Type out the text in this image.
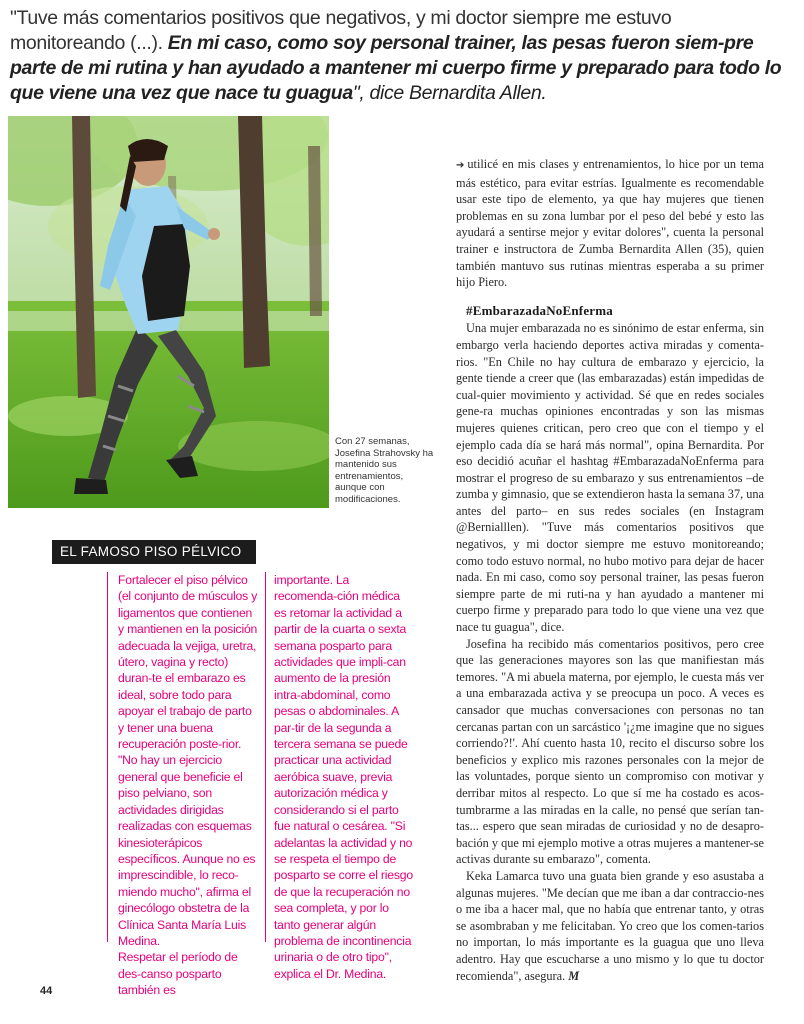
"Tuve más comentarios positivos que negativos, y mi doctor siempre me estuvo monitoreando (...). En mi caso, como soy personal trainer, las pesas fueron siem-pre parte de mi rutina y han ayudado a mantener mi cuerpo firme y preparado para todo lo que viene una vez que nace tu guagua", dice Bernardita Allen.
Con 27 semanas, Josefina Strahovsky ha mantenido sus entrenamientos, aunque con modificaciones.
EL FAMOSO PISO PÉLVICO
Fortalecer el piso pélvico (el conjunto de músculos y ligamentos que contienen y mantienen en la posición adecuada la vejiga, uretra, útero, vagina y recto) duran-te el embarazo es ideal, sobre todo para apoyar el trabajo de parto y tener una buena recuperación poste-rior. "No hay un ejercicio general que beneficie el piso pelviano, son actividades dirigidas realizadas con esquemas kinesioterápicos específicos. Aunque no es imprescindible, lo reco-miendo mucho", afirma el ginecólogo obstetra de la Clínica Santa María Luis Medina.
Respetar el período de des-canso posparto también es
importante. La recomenda-ción médica es retomar la actividad a partir de la cuarta o sexta semana posparto para actividades que impli-can aumento de la presión intra-abdominal, como pesas o abdominales. A par-tir de la segunda a tercera semana se puede practicar una actividad aeróbica suave, previa autorización médica y considerando si el parto fue natural o cesárea. "Si adelantas la actividad y no se respeta el tiempo de posparto se corre el riesgo de que la recuperación no sea completa, y por lo tanto generar algún problema de incontinencia urinaria o de otro tipo", explica el Dr. Medina.

➔ utilicé en mis clases y entrenamientos, lo hice por un tema más estético, para evitar estrías. Igualmente es recomendable usar este tipo de elemento, ya que hay mujeres que tienen problemas en su zona lumbar por el peso del bebé y esto las ayudará a sentirse mejor y evitar dolores", cuenta la personal trainer e instructora de Zumba Bernardita Allen (35), quien también mantuvo sus rutinas mientras esperaba a su primer hijo Piero.

#EmbarazadaNoEnferma

Una mujer embarazada no es sinónimo de estar enferma, sin embargo verla haciendo deportes activa miradas y comenta-rios. "En Chile no hay cultura de embarazo y ejercicio, la gente tiende a creer que (las embarazadas) están impedidas de cual-quier movimiento y actividad. Sé que en redes sociales gene-ra muchas opiniones encontradas y son las mismas mujeres quienes critican, pero creo que con el tiempo y el ejemplo cada día se hará más normal", opina Bernardita. Por eso decidió acuñar el hashtag #EmbarazadaNoEnferma para mostrar el progreso de su embarazo y sus entrenamientos –de zumba y gimnasio, que se extendieron hasta la semana 37, una antes del parto– en sus redes sociales (en Instagram @Bernialllen). "Tuve más comentarios positivos que negativos, y mi doctor siempre me estuvo monitoreando; como todo estuvo normal, no hubo motivo para dejar de hacer nada. En mi caso, como soy personal trainer, las pesas fueron siempre parte de mi ruti-na y han ayudado a mantener mi cuerpo firme y preparado para todo lo que viene una vez que nace tu guagua", dice.

Josefina ha recibido más comentarios positivos, pero cree que las generaciones mayores son las que manifiestan más temores. "A mi abuela materna, por ejemplo, le cuesta más ver a una embarazada activa y se preocupa un poco. A veces es cansador que muchas conversaciones con personas no tan cercanas partan con un sarcástico '¡¿me imagine que no sigues corriendo?!'. Ahí cuento hasta 10, recito el discurso sobre los beneficios y explico mis razones personales con la mejor de las voluntades, porque siento un compromiso con motivar y derribar mitos al respecto. Lo que sí me ha costado es acos-tumbrarme a las miradas en la calle, no pensé que serían tan-tas... espero que sean miradas de curiosidad y no de desapro-bación y que mi ejemplo motive a otras mujeres a mantener-se activas durante su embarazo", comenta.

Keka Lamarca tuvo una guata bien grande y eso asustaba a algunas mujeres. "Me decían que me iban a dar contraccio-nes o me iba a hacer mal, que no había que entrenar tanto, y otras se asombraban y me felicitaban. Yo creo que los comen-tarios no importan, lo más importante es la guagua que uno lleva adentro. Hay que escucharse a uno mismo y lo que tu doctor recomienda", asegura. M

44
